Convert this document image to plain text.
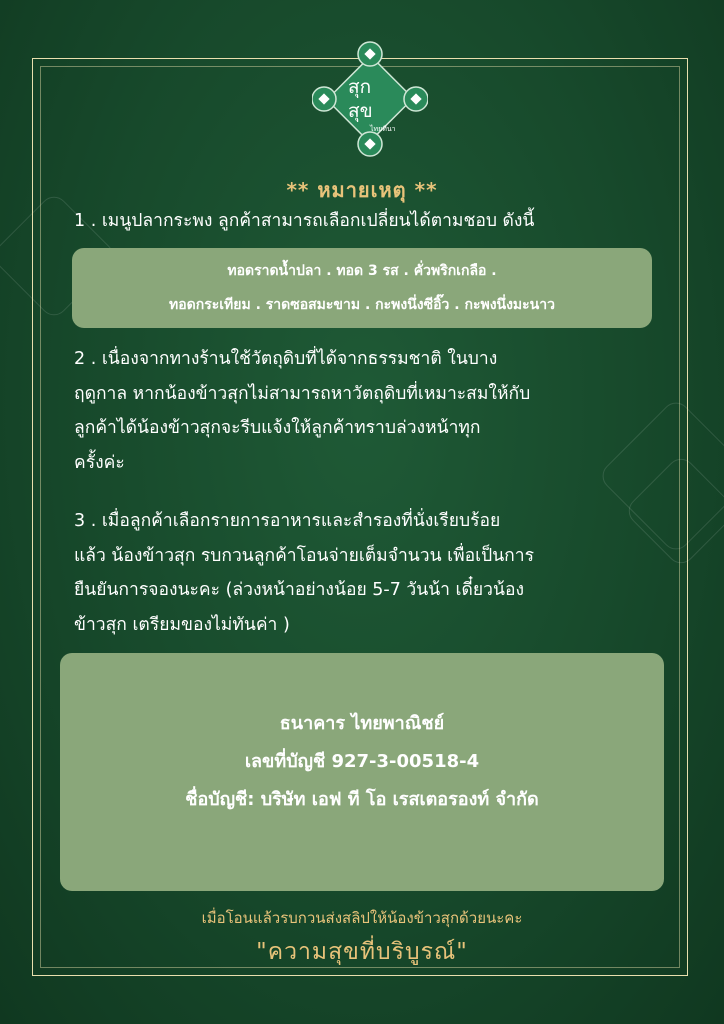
สุก
สุข
ไทยทีนา
** หมายเหตุ **
1 . เมนูปลากระพง ลูกค้าสามารถเลือกเปลี่ยนได้ตามชอบ ดังนี้
ทอดราดน้ำปลา . ทอด 3 รส . คั่วพริกเกลือ .
ทอดกระเทียม . ราดซอสมะขาม . กะพงนึ่งซีอิ๊ว . กะพงนึ่งมะนาว
2 . เนื่องจากทางร้านใช้วัตถุดิบที่ได้จากธรรมชาติ ในบาง
ฤดูกาล หากน้องข้าวสุกไม่สามารถหาวัตถุดิบที่เหมาะสมให้กับ
ลูกค้าได้น้องข้าวสุกจะรีบแจ้งให้ลูกค้าทราบล่วงหน้าทุก
ครั้งค่ะ
3 . เมื่อลูกค้าเลือกรายการอาหารและสำรองที่นั่งเรียบร้อย
แล้ว น้องข้าวสุก รบกวนลูกค้าโอนจ่ายเต็มจำนวน เพื่อเป็นการ
ยืนยันการจองนะคะ (ล่วงหน้าอย่างน้อย 5-7 วันน้า เดี๋ยวน้อง
ข้าวสุก เตรียมของไม่ทันค่า )
ธนาคาร ไทยพาณิชย์
เลขที่บัญชี 927-3-00518-4
ชื่อบัญชี: บริษัท เอฟ ที โอ เรสเตอรองท์ จำกัด
เมื่อโอนแล้วรบกวนส่งสลิปให้น้องข้าวสุกด้วยนะคะ
"ความสุขที่บริบูรณ์"
